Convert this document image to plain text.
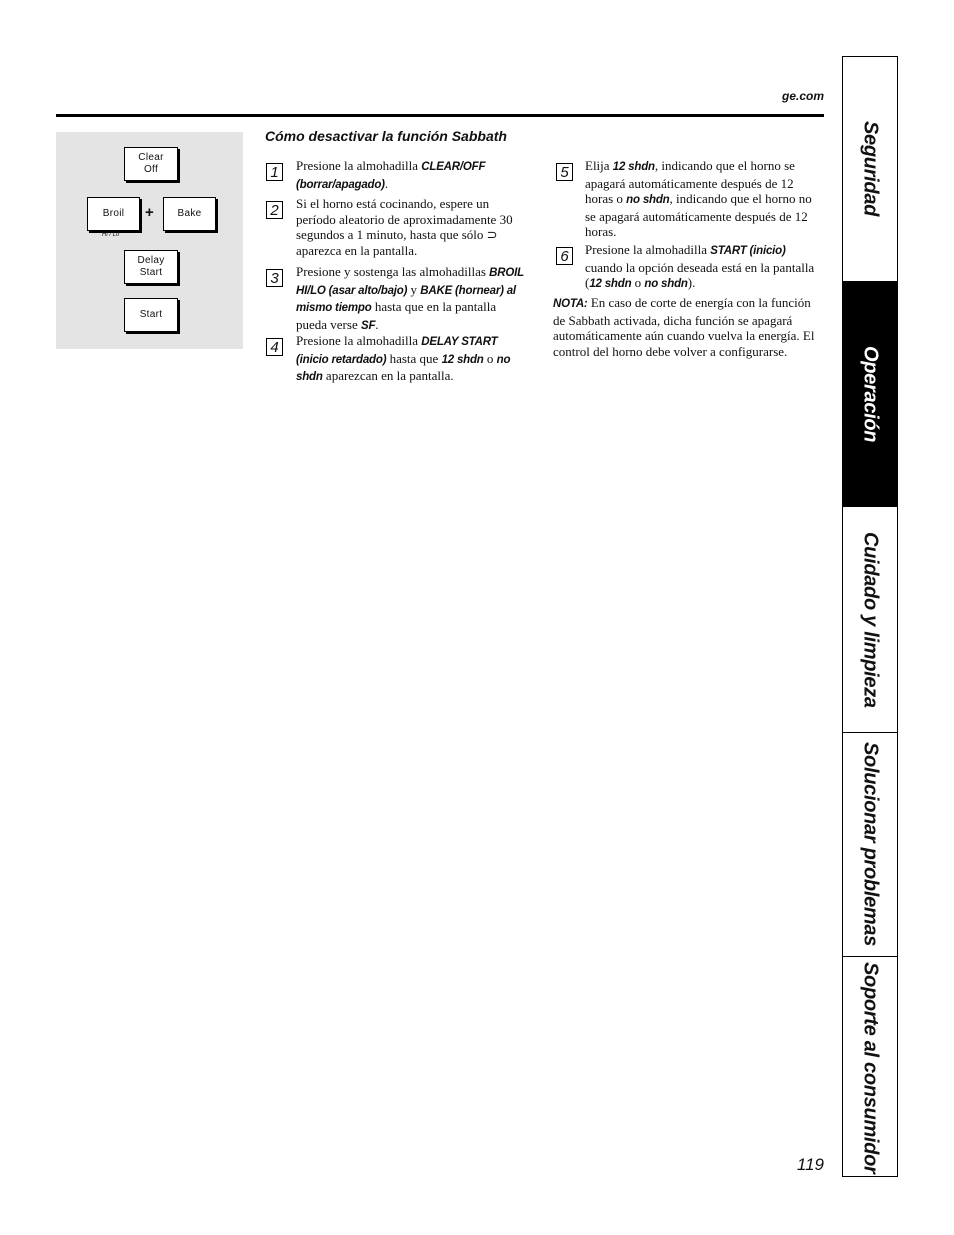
ge.com
Clear
Off
Broil + Bake
Hi / Lo
Delay
Start
Start
Cómo desactivar la función Sabbath
1	Presione la almohadilla CLEAR/OFF (borrar/apagado).
2	Si el horno está cocinando, espere un período aleatorio de aproximadamente 30 segundos a 1 minuto, hasta que sólo ⊃ aparezca en la pantalla.
3	Presione y sostenga las almohadillas BROIL HI/LO (asar alto/bajo) y BAKE (hornear) al mismo tiempo hasta que en la pantalla pueda verse SF.
4	Presione la almohadilla DELAY START (inicio retardado) hasta que 12 shdn o no shdn aparezcan en la pantalla.
5	Elija 12 shdn, indicando que el horno se apagará automáticamente después de 12 horas o no shdn, indicando que el horno no se apagará automáticamente después de 12 horas.
6	Presione la almohadilla START (inicio) cuando la opción deseada está en la pantalla (12 shdn o no shdn).
NOTA: En caso de corte de energía con la función de Sabbath activada, dicha función se apagará automáticamente aún cuando vuelva la energía. El control del horno debe volver a configurarse.
119
Seguridad
Operación
Cuidado y limpieza
Solucionar problemas
Soporte al consumidor
